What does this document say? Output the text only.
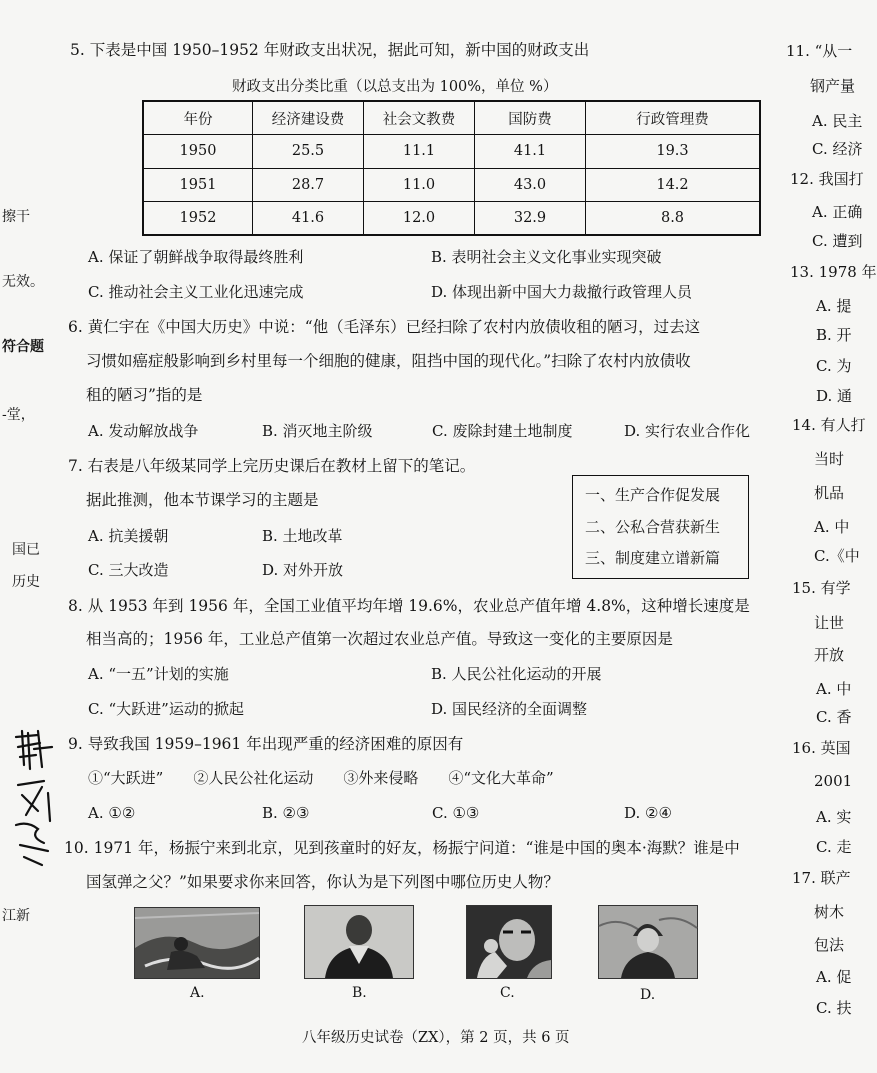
擦干
无效。
符合题
-堂，
国已
历史
江新
5. 下表是中国 1950–1952 年财政支出状况，据此可知，新中国的财政支出
财政支出分类比重（以总支出为 100%，单位 %）
年份	经济建设费	社会文教费	国防费	行政管理费
1950	25.5	11.1	41.1	19.3
1951	28.7	11.0	43.0	14.2
1952	41.6	12.0	32.9	8.8
A. 保证了朝鲜战争取得最终胜利	B. 表明社会主义文化事业实现突破
C. 推动社会主义工业化迅速完成	D. 体现出新中国大力裁撤行政管理人员
6. 黄仁宇在《中国大历史》中说：“他（毛泽东）已经扫除了农村内放债收租的陋习，过去这
习惯如癌症般影响到乡村里每一个细胞的健康，阻挡中国的现代化。”扫除了农村内放债收
租的陋习”指的是
A. 发动解放战争	B. 消灭地主阶级	C. 废除封建土地制度	D. 实行农业合作化
7. 右表是八年级某同学上完历史课后在教材上留下的笔记。
据此推测，他本节课学习的主题是
A. 抗美援朝	B. 土地改革
C. 三大改造	D. 对外开放
一、生产合作促发展
二、公私合营获新生
三、制度建立谱新篇
8. 从 1953 年到 1956 年，全国工业值平均年增 19.6%，农业总产值年增 4.8%，这种增长速度是
相当高的；1956 年，工业总产值第一次超过农业总产值。导致这一变化的主要原因是
A. “一五”计划的实施	B. 人民公社化运动的开展
C. “大跃进”运动的掀起	D. 国民经济的全面调整
9. 导致我国 1959–1961 年出现严重的经济困难的原因有
①“大跃进”　　②人民公社化运动　　③外来侵略　　④“文化大革命”
A. ①②	B. ②③	C. ①③	D. ②④
10. 1971 年，杨振宁来到北京，见到孩童时的好友，杨振宁问道：“谁是中国的奥本·海默？谁是中
国氢弹之父？”如果要求你来回答，你认为是下列图中哪位历史人物？
A.	B.	C.	D.
八年级历史试卷（ZX），第 2 页，共 6 页
11. “从一
钢产量
A. 民主
C. 经济
12. 我国打
A. 正确
C. 遭到
13. 1978 年
A. 提
B. 开
C. 为
D. 通
14. 有人打
当时
机品
A. 中
C.《中
15. 有学
让世
开放
A. 中
C. 香
16. 英国
2001
A. 实
C. 走
17. 联产
树木
包法
A. 促
C. 扶
